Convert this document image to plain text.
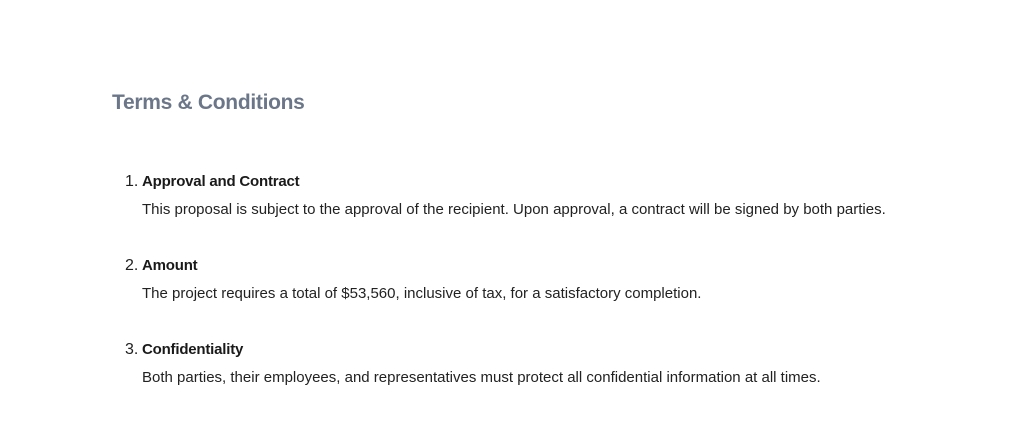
Terms & Conditions
1. Approval and Contract
This proposal is subject to the approval of the recipient. Upon approval, a contract will be signed by both parties.
2. Amount
The project requires a total of $53,560, inclusive of tax, for a satisfactory completion.
3. Confidentiality
Both parties, their employees, and representatives must protect all confidential information at all times.
